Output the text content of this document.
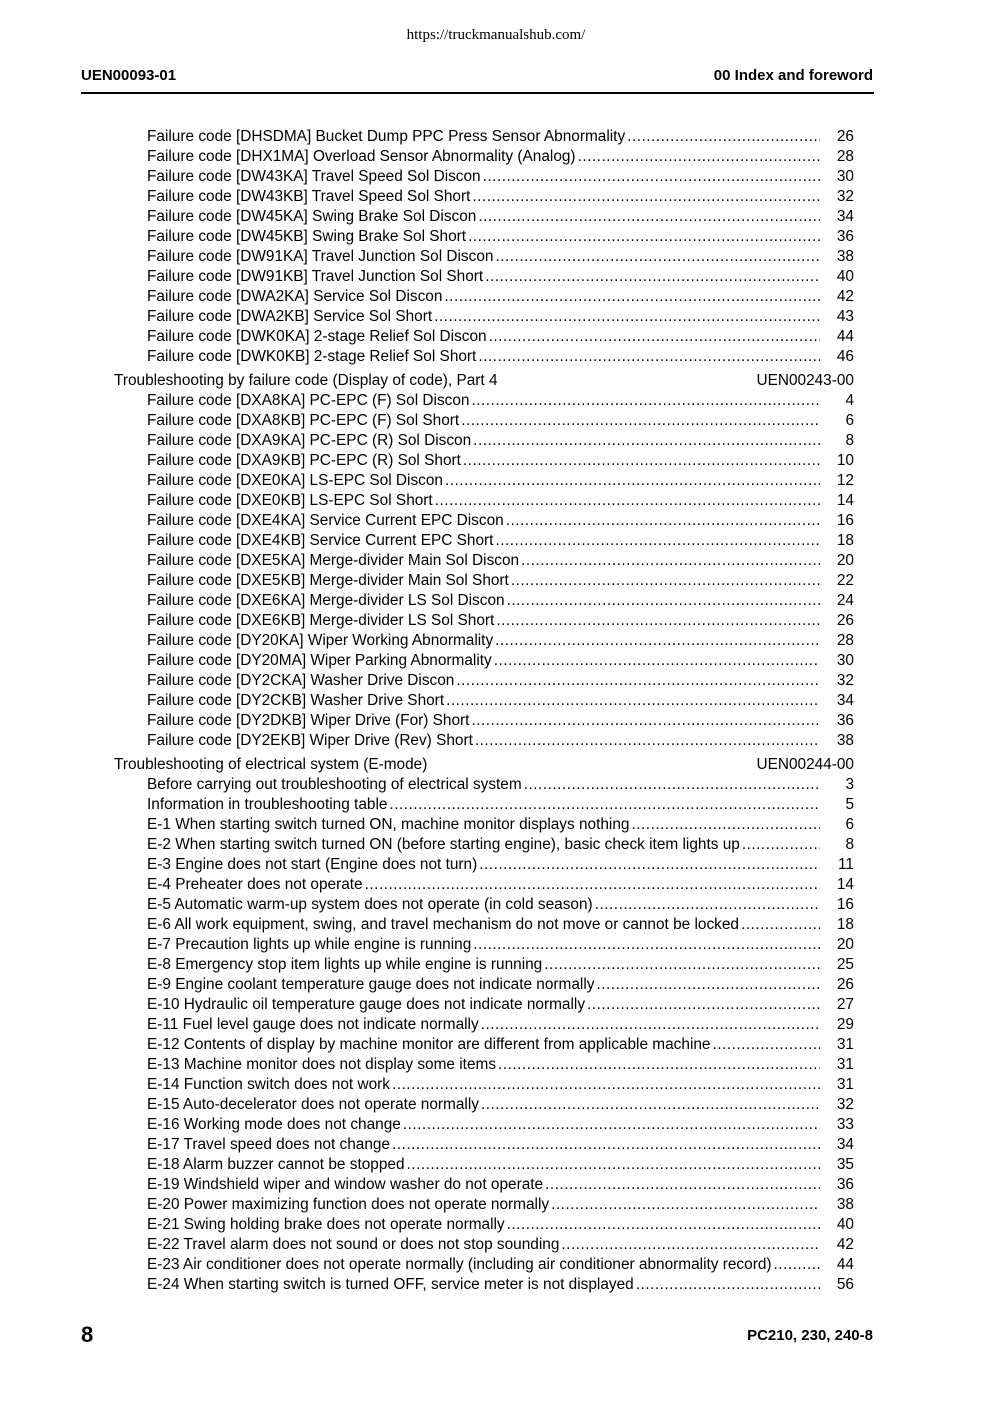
https://truckmanualshub.com/
UEN00093-01	00 Index and foreword
Failure code [DHSDMA] Bucket Dump PPC Press Sensor Abnormality .....	26
Failure code [DHX1MA] Overload Sensor Abnormality (Analog) .....	28
Failure code [DW43KA] Travel Speed Sol Discon .....	30
Failure code [DW43KB] Travel Speed Sol Short .....	32
Failure code [DW45KA] Swing Brake Sol Discon .....	34
Failure code [DW45KB] Swing Brake Sol Short .....	36
Failure code [DW91KA] Travel Junction Sol Discon .....	38
Failure code [DW91KB] Travel Junction Sol Short .....	40
Failure code [DWA2KA] Service Sol Discon .....	42
Failure code [DWA2KB] Service Sol Short .....	43
Failure code [DWK0KA] 2-stage Relief Sol Discon .....	44
Failure code [DWK0KB] 2-stage Relief Sol Short .....	46
Troubleshooting by failure code (Display of code), Part 4	UEN00243-00
Failure code [DXA8KA] PC-EPC (F) Sol Discon .....	4
Failure code [DXA8KB] PC-EPC (F) Sol Short .....	6
Failure code [DXA9KA] PC-EPC (R) Sol Discon .....	8
Failure code [DXA9KB] PC-EPC (R) Sol Short .....	10
Failure code [DXE0KA] LS-EPC Sol Discon .....	12
Failure code [DXE0KB] LS-EPC Sol Short .....	14
Failure code [DXE4KA] Service Current EPC Discon .....	16
Failure code [DXE4KB] Service Current EPC Short .....	18
Failure code [DXE5KA] Merge-divider Main Sol Discon .....	20
Failure code [DXE5KB] Merge-divider Main Sol Short .....	22
Failure code [DXE6KA] Merge-divider LS Sol Discon .....	24
Failure code [DXE6KB] Merge-divider LS Sol Short .....	26
Failure code [DY20KA] Wiper Working Abnormality .....	28
Failure code [DY20MA] Wiper Parking Abnormality .....	30
Failure code [DY2CKA] Washer Drive Discon .....	32
Failure code [DY2CKB] Washer Drive Short .....	34
Failure code [DY2DKB] Wiper Drive (For) Short .....	36
Failure code [DY2EKB] Wiper Drive (Rev) Short .....	38
Troubleshooting of electrical system (E-mode)	UEN00244-00
Before carrying out troubleshooting of electrical system .....	3
Information in troubleshooting table .....	5
E-1 When starting switch turned ON, machine monitor displays nothing .....	6
E-2 When starting switch turned ON (before starting engine), basic check item lights up .....	8
E-3 Engine does not start (Engine does not turn) .....	11
E-4 Preheater does not operate .....	14
E-5 Automatic warm-up system does not operate (in cold season) .....	16
E-6 All work equipment, swing, and travel mechanism do not move or cannot be locked .....	18
E-7 Precaution lights up while engine is running .....	20
E-8 Emergency stop item lights up while engine is running .....	25
E-9 Engine coolant temperature gauge does not indicate normally .....	26
E-10 Hydraulic oil temperature gauge does not indicate normally .....	27
E-11 Fuel level gauge does not indicate normally .....	29
E-12 Contents of display by machine monitor are different from applicable machine .....	31
E-13 Machine monitor does not display some items .....	31
E-14 Function switch does not work .....	31
E-15 Auto-decelerator does not operate normally .....	32
E-16 Working mode does not change .....	33
E-17 Travel speed does not change .....	34
E-18 Alarm buzzer cannot be stopped .....	35
E-19 Windshield wiper and window washer do not operate .....	36
E-20 Power maximizing function does not operate normally .....	38
E-21 Swing holding brake does not operate normally .....	40
E-22 Travel alarm does not sound or does not stop sounding .....	42
E-23 Air conditioner does not operate normally (including air conditioner abnormality record) .....	44
E-24 When starting switch is turned OFF, service meter is not displayed .....	56
8	PC210, 230, 240-8
